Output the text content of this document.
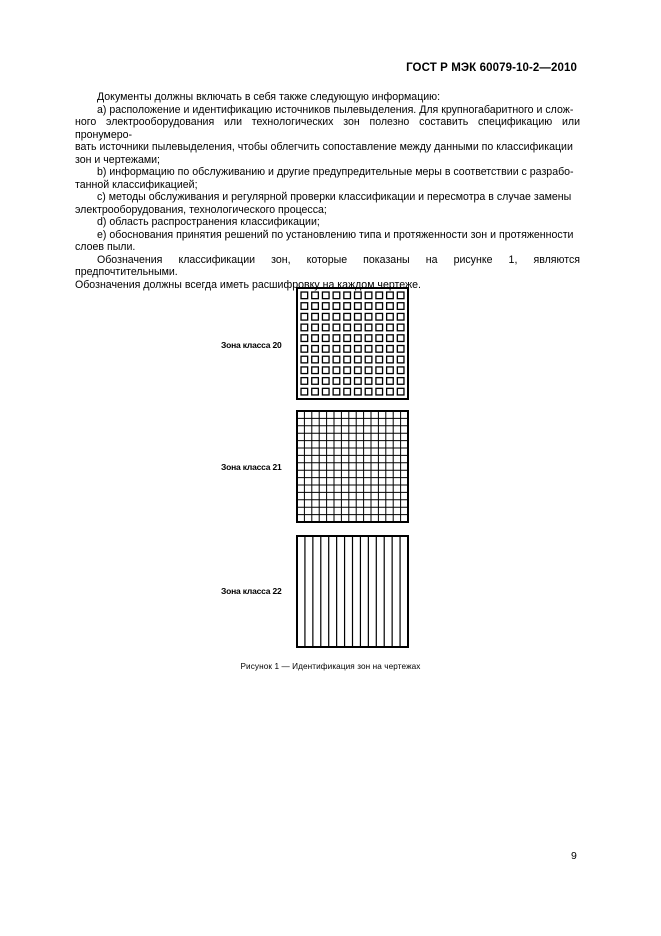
ГОСТ Р МЭК 60079-10-2—2010

Документы должны включать в себя также следующую информацию:

a) расположение и идентификацию источников пылевыделения. Для крупногабаритного и слож-

ного электрооборудования или технологических зон полезно составить спецификацию или пронумеро-

вать источники пылевыделения, чтобы облегчить сопоставление между данными по классификации

зон и чертежами;

b) информацию по обслуживанию и другие предупредительные меры в соответствии с разрабо-

танной классификацией;

c) методы обслуживания и регулярной проверки классификации и пересмотра в случае замены

электрооборудования, технологического процесса;

d) область распространения классификации;

e) обоснования принятия решений по установлению типа и протяженности зон и протяженности

слоев пыли.

Обозначения классификации зон, которые показаны на рисунке 1, являются предпочтительными.

Обозначения должны всегда иметь расшифровку на каждом чертеже.

Зона класса 20
Зона класса 21
Зона класса 22
Рисунок 1 — Идентификация зон на чертежах
9
